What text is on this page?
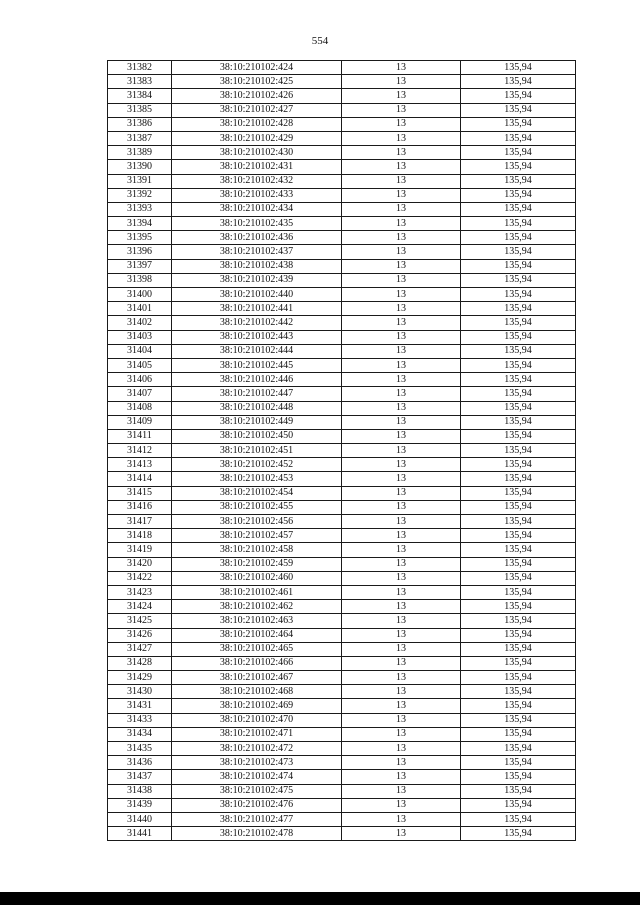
554
31382	38:10:210102:424	13	135,94
31383	38:10:210102:425	13	135,94
31384	38:10:210102:426	13	135,94
31385	38:10:210102:427	13	135,94
31386	38:10:210102:428	13	135,94
31387	38:10:210102:429	13	135,94
31389	38:10:210102:430	13	135,94
31390	38:10:210102:431	13	135,94
31391	38:10:210102:432	13	135,94
31392	38:10:210102:433	13	135,94
31393	38:10:210102:434	13	135,94
31394	38:10:210102:435	13	135,94
31395	38:10:210102:436	13	135,94
31396	38:10:210102:437	13	135,94
31397	38:10:210102:438	13	135,94
31398	38:10:210102:439	13	135,94
31400	38:10:210102:440	13	135,94
31401	38:10:210102:441	13	135,94
31402	38:10:210102:442	13	135,94
31403	38:10:210102:443	13	135,94
31404	38:10:210102:444	13	135,94
31405	38:10:210102:445	13	135,94
31406	38:10:210102:446	13	135,94
31407	38:10:210102:447	13	135,94
31408	38:10:210102:448	13	135,94
31409	38:10:210102:449	13	135,94
31411	38:10:210102:450	13	135,94
31412	38:10:210102:451	13	135,94
31413	38:10:210102:452	13	135,94
31414	38:10:210102:453	13	135,94
31415	38:10:210102:454	13	135,94
31416	38:10:210102:455	13	135,94
31417	38:10:210102:456	13	135,94
31418	38:10:210102:457	13	135,94
31419	38:10:210102:458	13	135,94
31420	38:10:210102:459	13	135,94
31422	38:10:210102:460	13	135,94
31423	38:10:210102:461	13	135,94
31424	38:10:210102:462	13	135,94
31425	38:10:210102:463	13	135,94
31426	38:10:210102:464	13	135,94
31427	38:10:210102:465	13	135,94
31428	38:10:210102:466	13	135,94
31429	38:10:210102:467	13	135,94
31430	38:10:210102:468	13	135,94
31431	38:10:210102:469	13	135,94
31433	38:10:210102:470	13	135,94
31434	38:10:210102:471	13	135,94
31435	38:10:210102:472	13	135,94
31436	38:10:210102:473	13	135,94
31437	38:10:210102:474	13	135,94
31438	38:10:210102:475	13	135,94
31439	38:10:210102:476	13	135,94
31440	38:10:210102:477	13	135,94
31441	38:10:210102:478	13	135,94
